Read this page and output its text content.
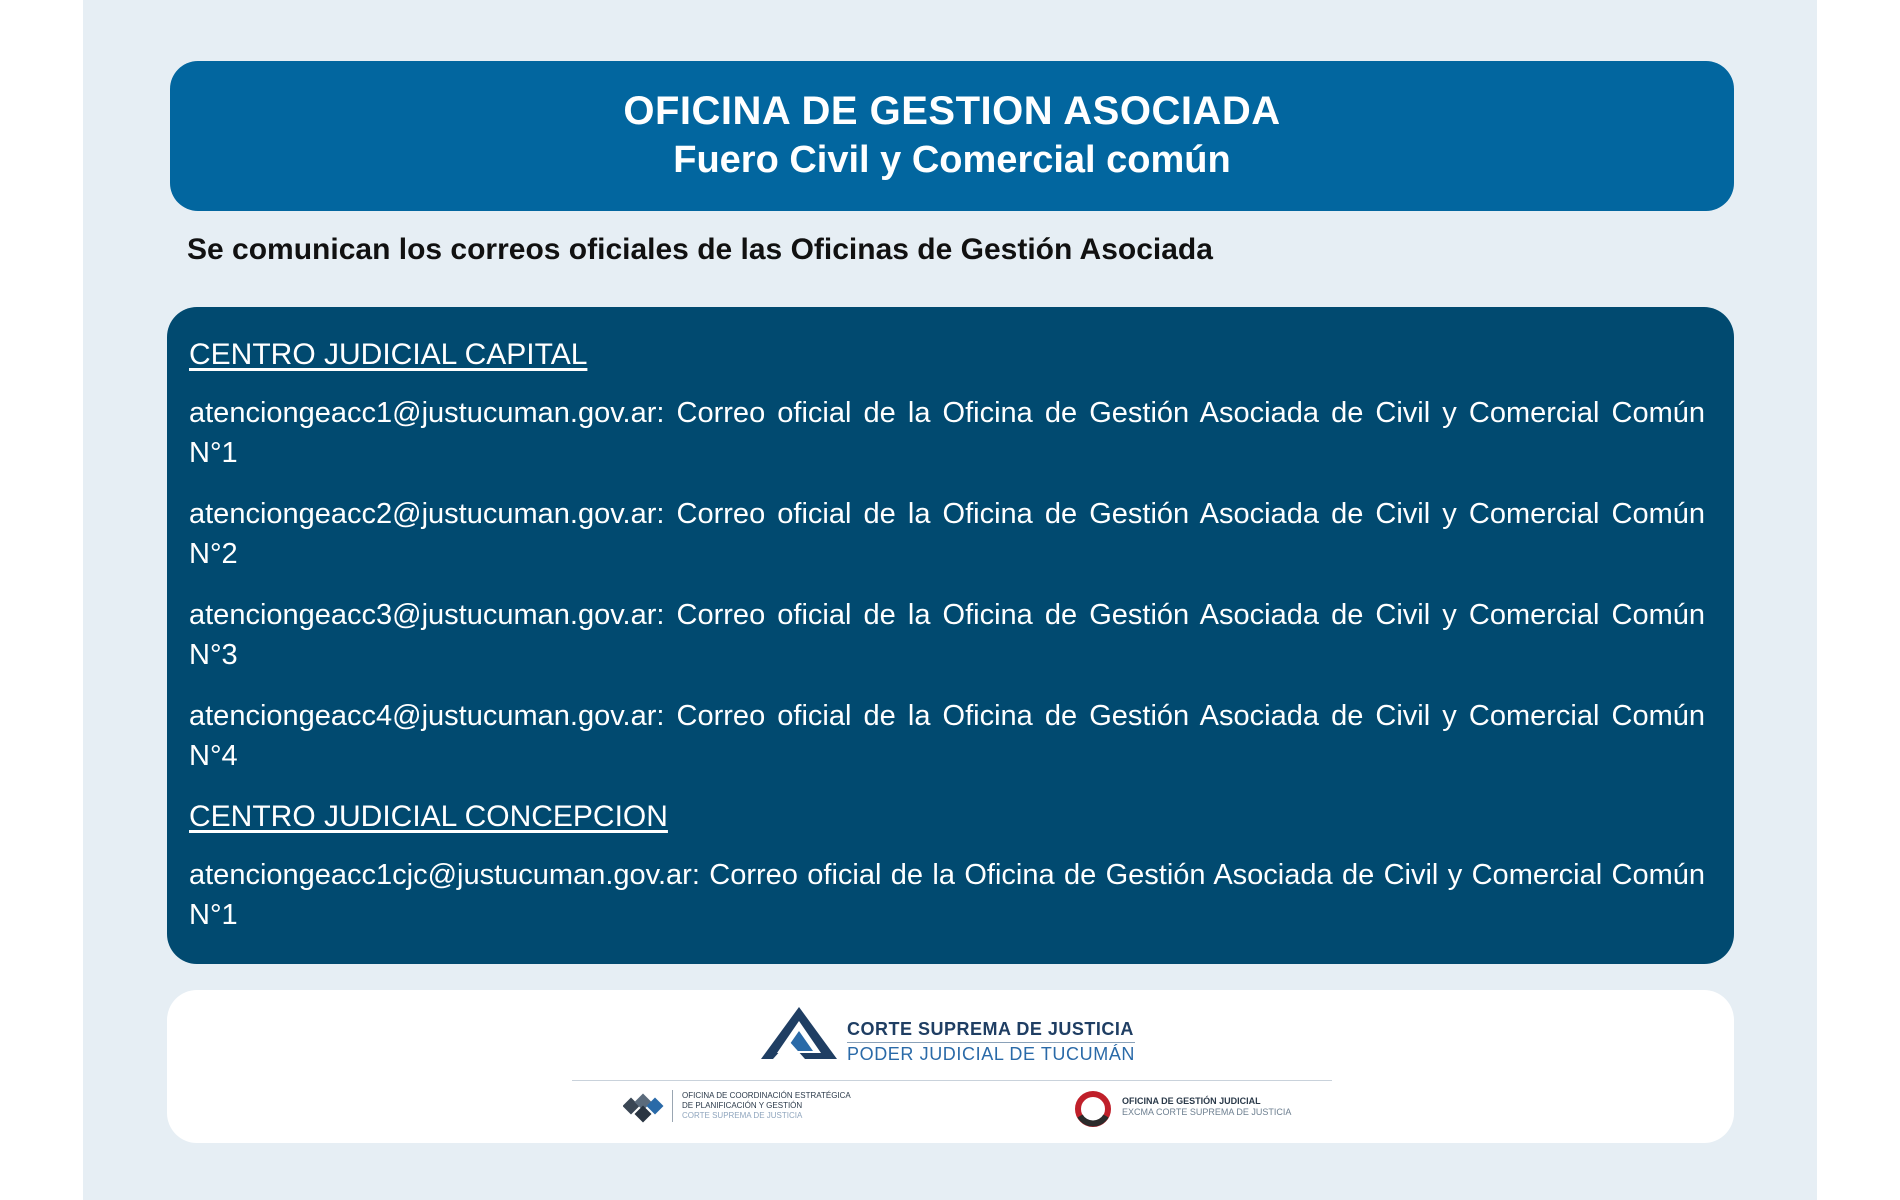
OFICINA DE GESTION ASOCIADA
Fuero Civil y Comercial común
Se comunican los correos oficiales de las Oficinas de Gestión Asociada
CENTRO JUDICIAL CAPITAL

atenciongeacc1@justucuman.gov.ar: Correo oficial de la Oficina de Gestión Asociada de Civil y Comercial Común N°1

atenciongeacc2@justucuman.gov.ar: Correo oficial de la Oficina de Gestión Asociada de Civil y Comercial Común N°2

atenciongeacc3@justucuman.gov.ar: Correo oficial de la Oficina de Gestión Asociada de Civil y Comercial Común N°3

atenciongeacc4@justucuman.gov.ar: Correo oficial de la Oficina de Gestión Asociada de Civil y Comercial Común N°4

CENTRO JUDICIAL CONCEPCION

atenciongeacc1cjc@justucuman.gov.ar: Correo oficial de la Oficina de Gestión Asociada de Civil y Comercial Común N°1

CORTE SUPREMA DE JUSTICIA
PODER JUDICIAL DE TUCUMÁN
OFICINA DE COORDINACIÓN ESTRATÉGICA
DE PLANIFICACIÓN Y GESTIÓN
CORTE SUPREMA DE JUSTICIA
OFICINA DE GESTIÓN JUDICIAL
EXCMA CORTE SUPREMA DE JUSTICIA
